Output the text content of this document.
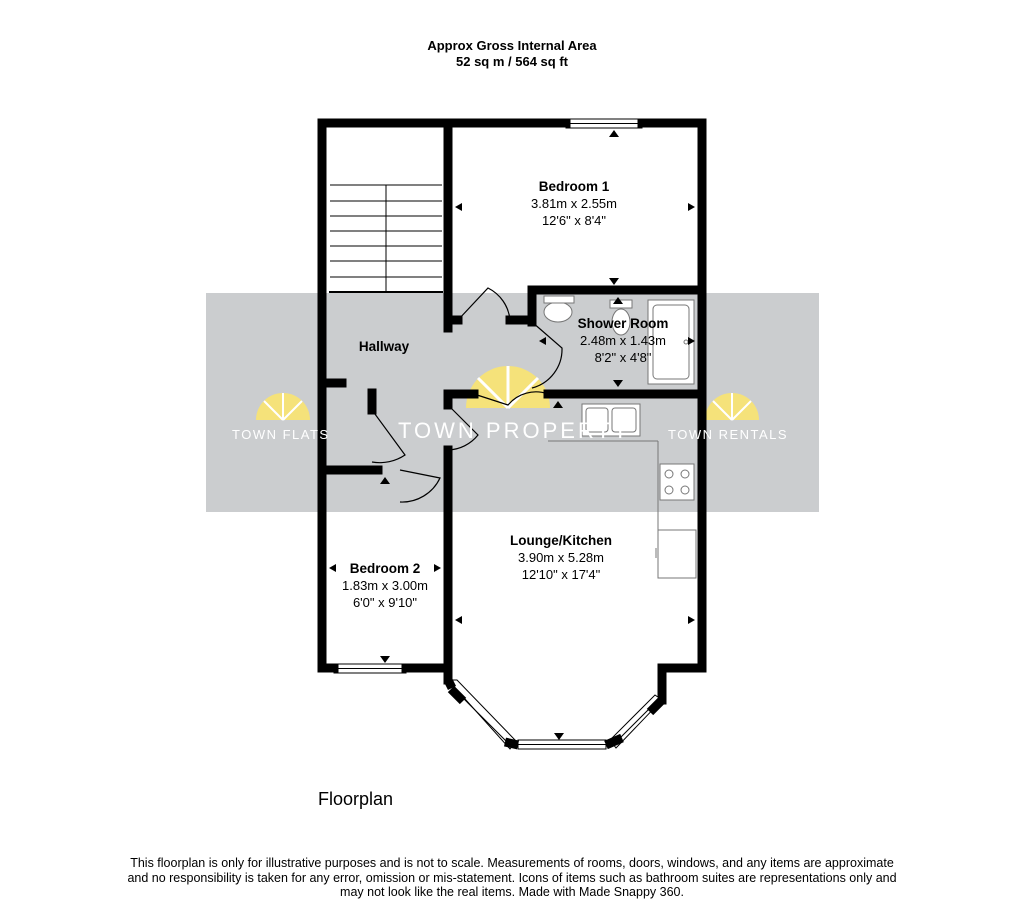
Approx Gross Internal Area
52 sq m / 564 sq ft
TOWN FLATS	TOWN PROPERTY	TOWN RENTALS
Bedroom 1
3.81m x 2.55m
12'6" x 8'4"
Shower Room
2.48m x 1.43m
8'2" x 4'8"
Hallway
Lounge/Kitchen
3.90m x 5.28m
12'10" x 17'4"
Bedroom 2
1.83m x 3.00m
6'0" x 9'10"
Floorplan
This floorplan is only for illustrative purposes and is not to scale. Measurements of rooms, doors, windows, and any items are approximate
and no responsibility is taken for any error, omission or mis-statement. Icons of items such as bathroom suites are representations only and
may not look like the real items. Made with Made Snappy 360.
